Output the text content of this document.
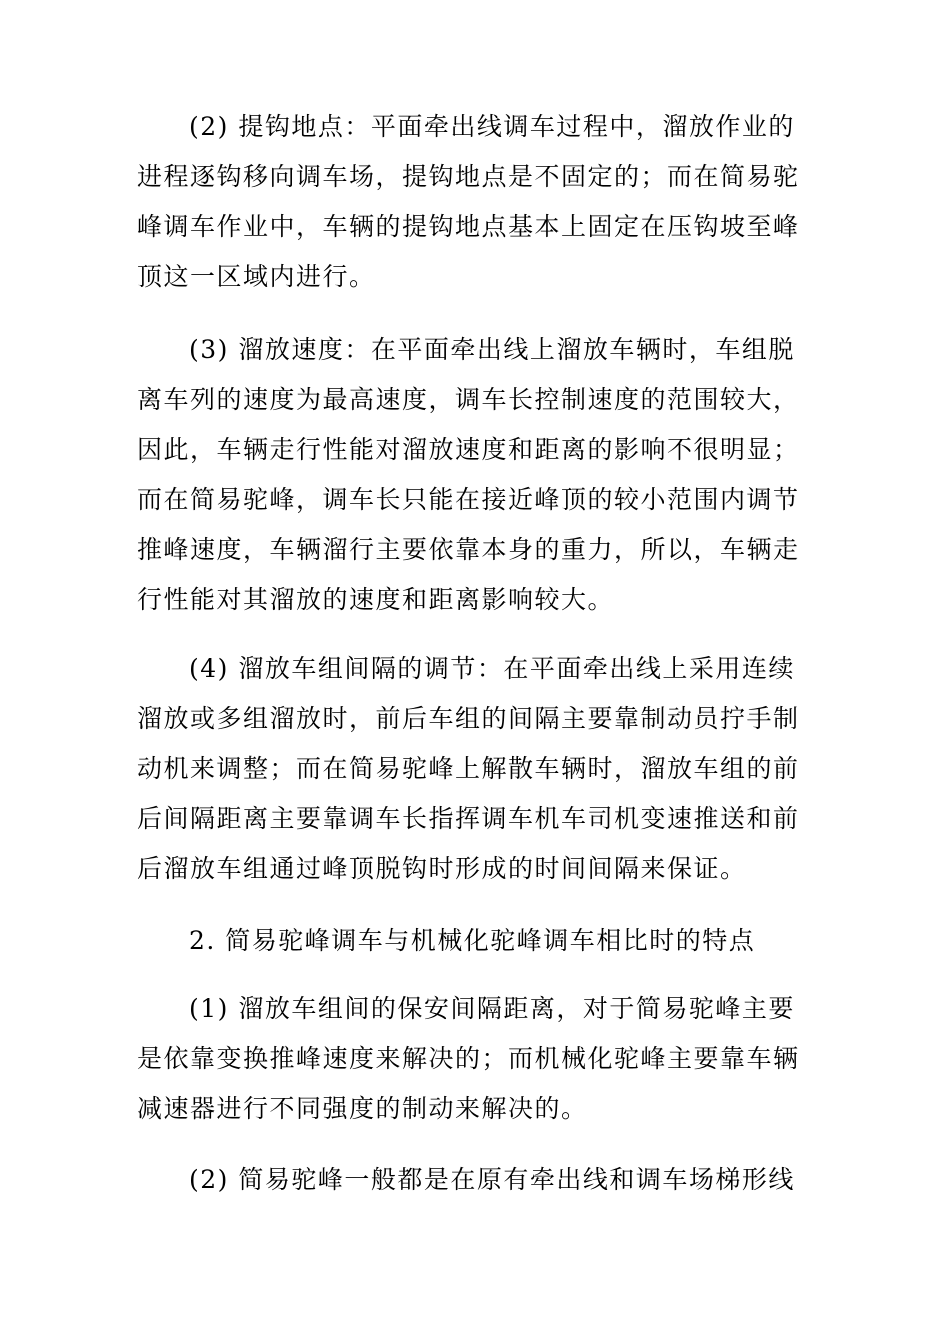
(2) 提钩地点：平面牵出线调车过程中，溜放作业的
进程逐钩移向调车场，提钩地点是不固定的；而在简易驼
峰调车作业中，车辆的提钩地点基本上固定在压钩坡至峰
顶这一区域内进行。
(3) 溜放速度：在平面牵出线上溜放车辆时，车组脱
离车列的速度为最高速度，调车长控制速度的范围较大，
因此，车辆走行性能对溜放速度和距离的影响不很明显；
而在简易驼峰，调车长只能在接近峰顶的较小范围内调节
推峰速度，车辆溜行主要依靠本身的重力，所以，车辆走
行性能对其溜放的速度和距离影响较大。
(4) 溜放车组间隔的调节：在平面牵出线上采用连续
溜放或多组溜放时，前后车组的间隔主要靠制动员拧手制
动机来调整；而在简易驼峰上解散车辆时，溜放车组的前
后间隔距离主要靠调车长指挥调车机车司机变速推送和前
后溜放车组通过峰顶脱钩时形成的时间间隔来保证。
2. 简易驼峰调车与机械化驼峰调车相比时的特点
(1) 溜放车组间的保安间隔距离，对于简易驼峰主要
是依靠变换推峰速度来解决的；而机械化驼峰主要靠车辆
减速器进行不同强度的制动来解决的。
(2) 简易驼峰一般都是在原有牵出线和调车场梯形线
